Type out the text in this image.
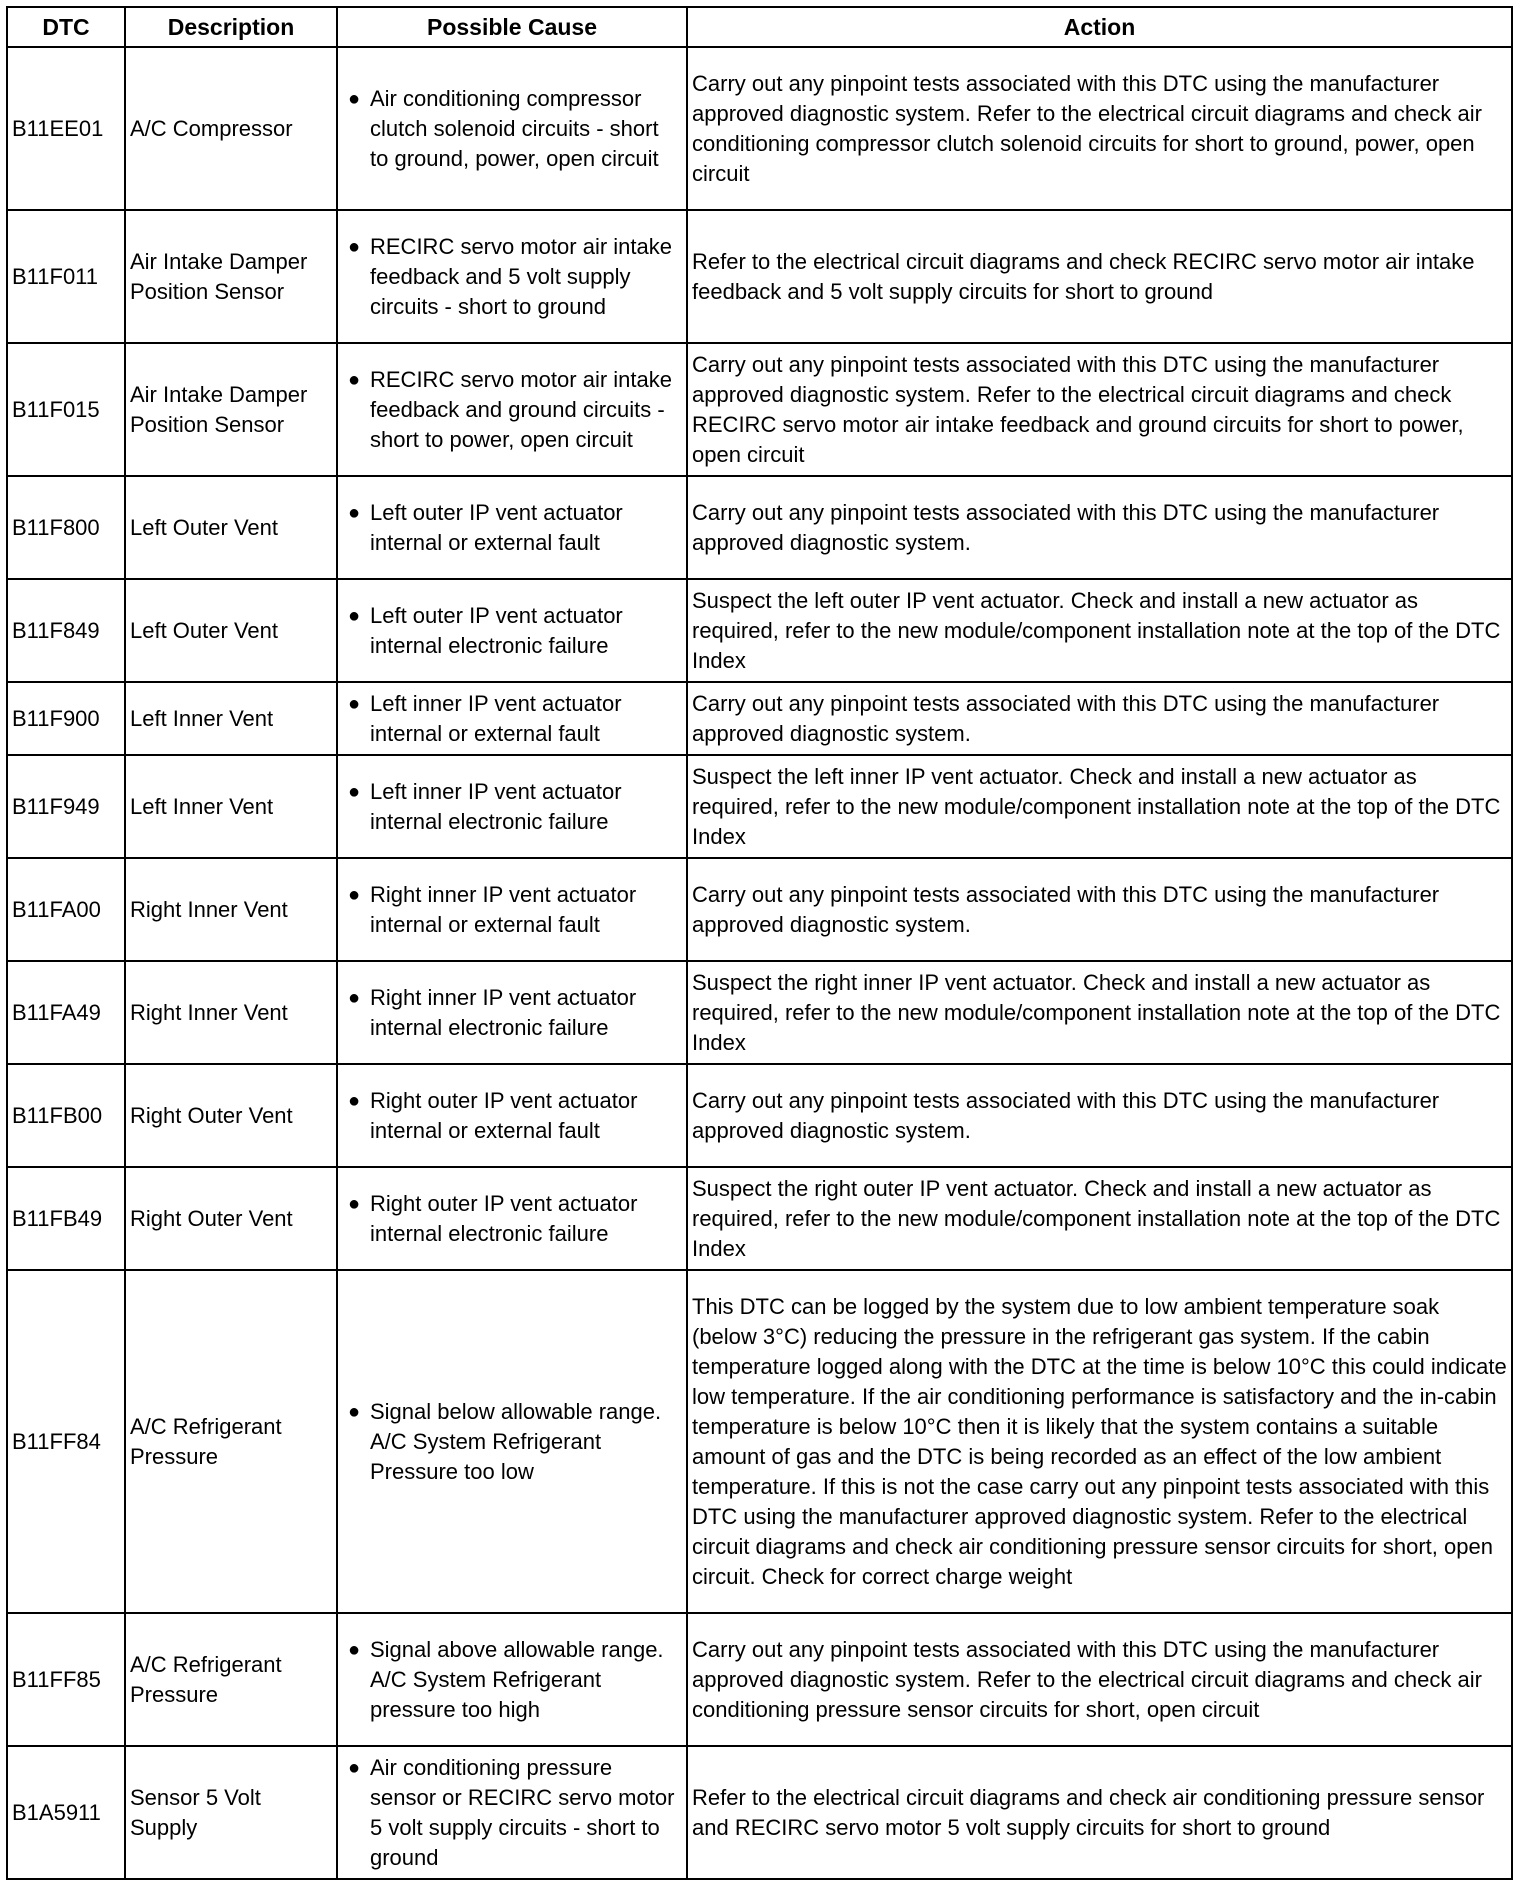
DTC	Description	Possible Cause	Action
B11EE01	A/C Compressor	● Air conditioning compressor clutch solenoid circuits - short to ground, power, open circuit	Carry out any pinpoint tests associated with this DTC using the manufacturer approved diagnostic system. Refer to the electrical circuit diagrams and check air conditioning compressor clutch solenoid circuits for short to ground, power, open circuit
B11F011	Air Intake Damper Position Sensor	● RECIRC servo motor air intake feedback and 5 volt supply circuits - short to ground	Refer to the electrical circuit diagrams and check RECIRC servo motor air intake feedback and 5 volt supply circuits for short to ground
B11F015	Air Intake Damper Position Sensor	● RECIRC servo motor air intake feedback and ground circuits - short to power, open circuit	Carry out any pinpoint tests associated with this DTC using the manufacturer approved diagnostic system. Refer to the electrical circuit diagrams and check RECIRC servo motor air intake feedback and ground circuits for short to power, open circuit
B11F800	Left Outer Vent	● Left outer IP vent actuator internal or external fault	Carry out any pinpoint tests associated with this DTC using the manufacturer approved diagnostic system.
B11F849	Left Outer Vent	● Left outer IP vent actuator internal electronic failure	Suspect the left outer IP vent actuator. Check and install a new actuator as required, refer to the new module/component installation note at the top of the DTC Index
B11F900	Left Inner Vent	● Left inner IP vent actuator internal or external fault	Carry out any pinpoint tests associated with this DTC using the manufacturer approved diagnostic system.
B11F949	Left Inner Vent	● Left inner IP vent actuator internal electronic failure	Suspect the left inner IP vent actuator. Check and install a new actuator as required, refer to the new module/component installation note at the top of the DTC Index
B11FA00	Right Inner Vent	● Right inner IP vent actuator internal or external fault	Carry out any pinpoint tests associated with this DTC using the manufacturer approved diagnostic system.
B11FA49	Right Inner Vent	● Right inner IP vent actuator internal electronic failure	Suspect the right inner IP vent actuator. Check and install a new actuator as required, refer to the new module/component installation note at the top of the DTC Index
B11FB00	Right Outer Vent	● Right outer IP vent actuator internal or external fault	Carry out any pinpoint tests associated with this DTC using the manufacturer approved diagnostic system.
B11FB49	Right Outer Vent	● Right outer IP vent actuator internal electronic failure	Suspect the right outer IP vent actuator. Check and install a new actuator as required, refer to the new module/component installation note at the top of the DTC Index
B11FF84	A/C Refrigerant Pressure	● Signal below allowable range. A/C System Refrigerant Pressure too low	This DTC can be logged by the system due to low ambient temperature soak (below 3°C) reducing the pressure in the refrigerant gas system. If the cabin temperature logged along with the DTC at the time is below 10°C this could indicate low temperature. If the air conditioning performance is satisfactory and the in-cabin temperature is below 10°C then it is likely that the system contains a suitable amount of gas and the DTC is being recorded as an effect of the low ambient temperature. If this is not the case carry out any pinpoint tests associated with this DTC using the manufacturer approved diagnostic system. Refer to the electrical circuit diagrams and check air conditioning pressure sensor circuits for short, open circuit. Check for correct charge weight
B11FF85	A/C Refrigerant Pressure	● Signal above allowable range. A/C System Refrigerant pressure too high	Carry out any pinpoint tests associated with this DTC using the manufacturer approved diagnostic system. Refer to the electrical circuit diagrams and check air conditioning pressure sensor circuits for short, open circuit
B1A5911	Sensor 5 Volt Supply	● Air conditioning pressure sensor or RECIRC servo motor 5 volt supply circuits - short to ground	Refer to the electrical circuit diagrams and check air conditioning pressure sensor and RECIRC servo motor 5 volt supply circuits for short to ground
